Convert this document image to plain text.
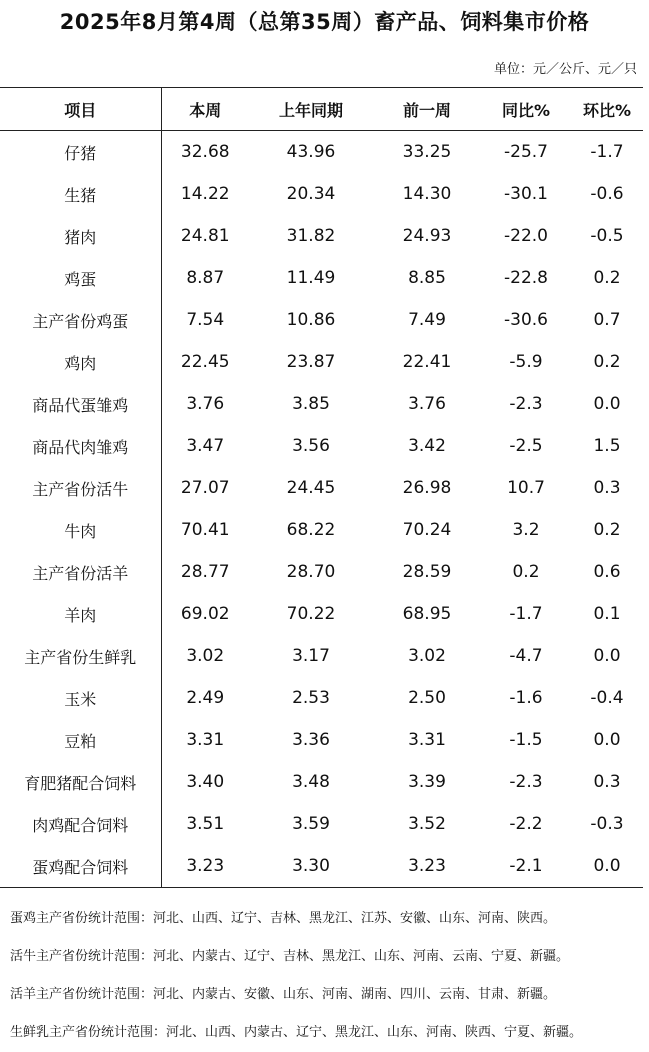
2025年8月第4周（总第35周）畜产品、饲料集市价格
单位：元／公斤、元／只
项目	本周	上年同期	前一周	同比%	环比%
仔猪	32.68	43.96	33.25	-25.7	-1.7
生猪	14.22	20.34	14.30	-30.1	-0.6
猪肉	24.81	31.82	24.93	-22.0	-0.5
鸡蛋	8.87	11.49	8.85	-22.8	0.2
主产省份鸡蛋	7.54	10.86	7.49	-30.6	0.7
鸡肉	22.45	23.87	22.41	-5.9	0.2
商品代蛋雏鸡	3.76	3.85	3.76	-2.3	0.0
商品代肉雏鸡	3.47	3.56	3.42	-2.5	1.5
主产省份活牛	27.07	24.45	26.98	10.7	0.3
牛肉	70.41	68.22	70.24	3.2	0.2
主产省份活羊	28.77	28.70	28.59	0.2	0.6
羊肉	69.02	70.22	68.95	-1.7	0.1
主产省份生鲜乳	3.02	3.17	3.02	-4.7	0.0
玉米	2.49	2.53	2.50	-1.6	-0.4
豆粕	3.31	3.36	3.31	-1.5	0.0
育肥猪配合饲料	3.40	3.48	3.39	-2.3	0.3
肉鸡配合饲料	3.51	3.59	3.52	-2.2	-0.3
蛋鸡配合饲料	3.23	3.30	3.23	-2.1	0.0
蛋鸡主产省份统计范围：河北、山西、辽宁、吉林、黑龙江、江苏、安徽、山东、河南、陕西。
活牛主产省份统计范围：河北、内蒙古、辽宁、吉林、黑龙江、山东、河南、云南、宁夏、新疆。
活羊主产省份统计范围：河北、内蒙古、安徽、山东、河南、湖南、四川、云南、甘肃、新疆。
生鲜乳主产省份统计范围：河北、山西、内蒙古、辽宁、黑龙江、山东、河南、陕西、宁夏、新疆。
